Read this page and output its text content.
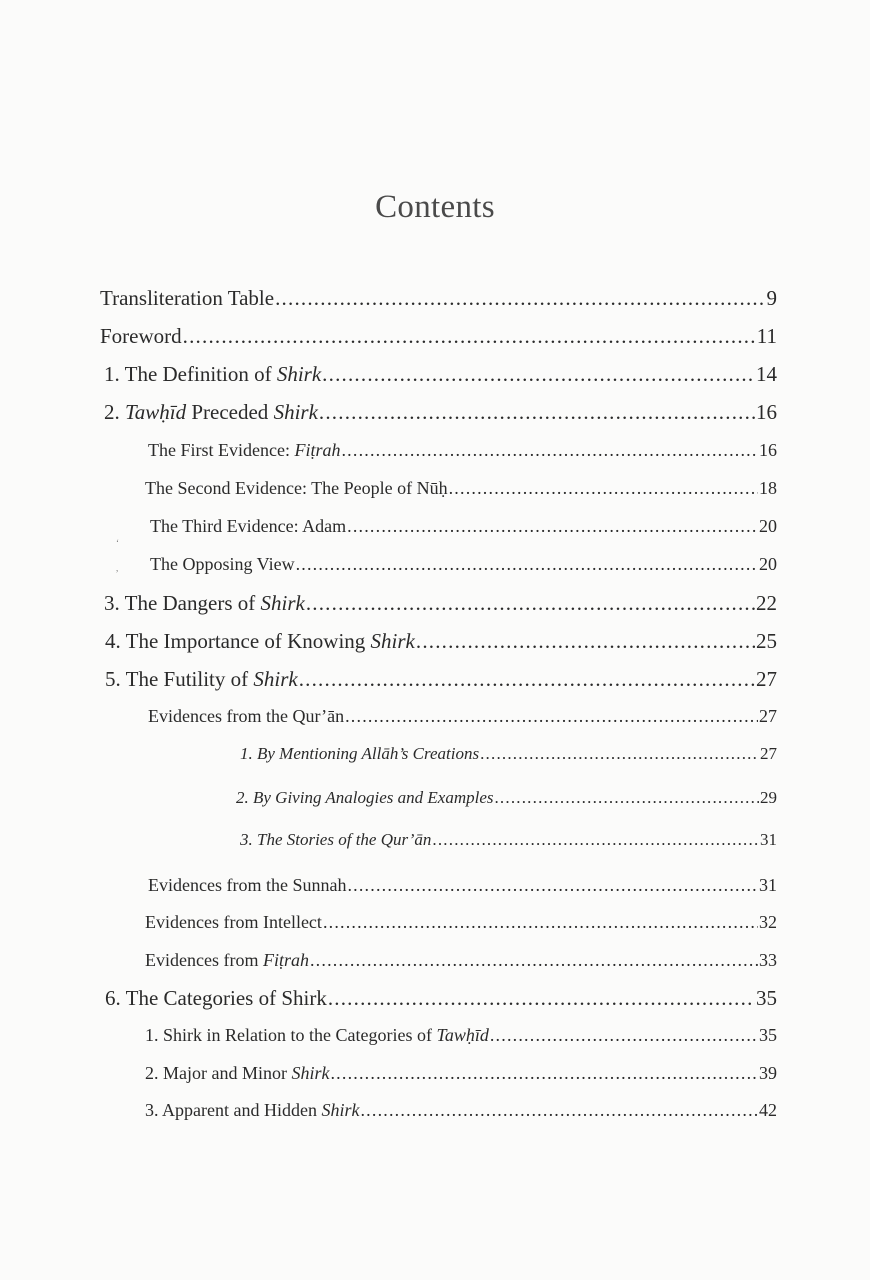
Contents
Transliteration Table .....	9
Foreword .....	11
1. The Definition of Shirk .....	14
2. Tawḥīd Preceded Shirk .....	16
The First Evidence: Fiṭrah .....	16
The Second Evidence: The People of Nūḥ .....	18
The Third Evidence: Adam .....	20
The Opposing View .....	20
3. The Dangers of Shirk .....	22
4. The Importance of Knowing Shirk .....	25
5. The Futility of Shirk .....	27
Evidences from the Qur’ān .....	27
1. By Mentioning Allāh’s Creations .....	27
2. By Giving Analogies and Examples .....	29
3. The Stories of the Qur’ān .....	31
Evidences from the Sunnah .....	31
Evidences from Intellect .....	32
Evidences from Fiṭrah .....	33
6. The Categories of Shirk .....	35
1. Shirk in Relation to the Categories of Tawḥīd .....	35
2. Major and Minor Shirk .....	39
3. Apparent and Hidden Shirk .....	42
‘
,
